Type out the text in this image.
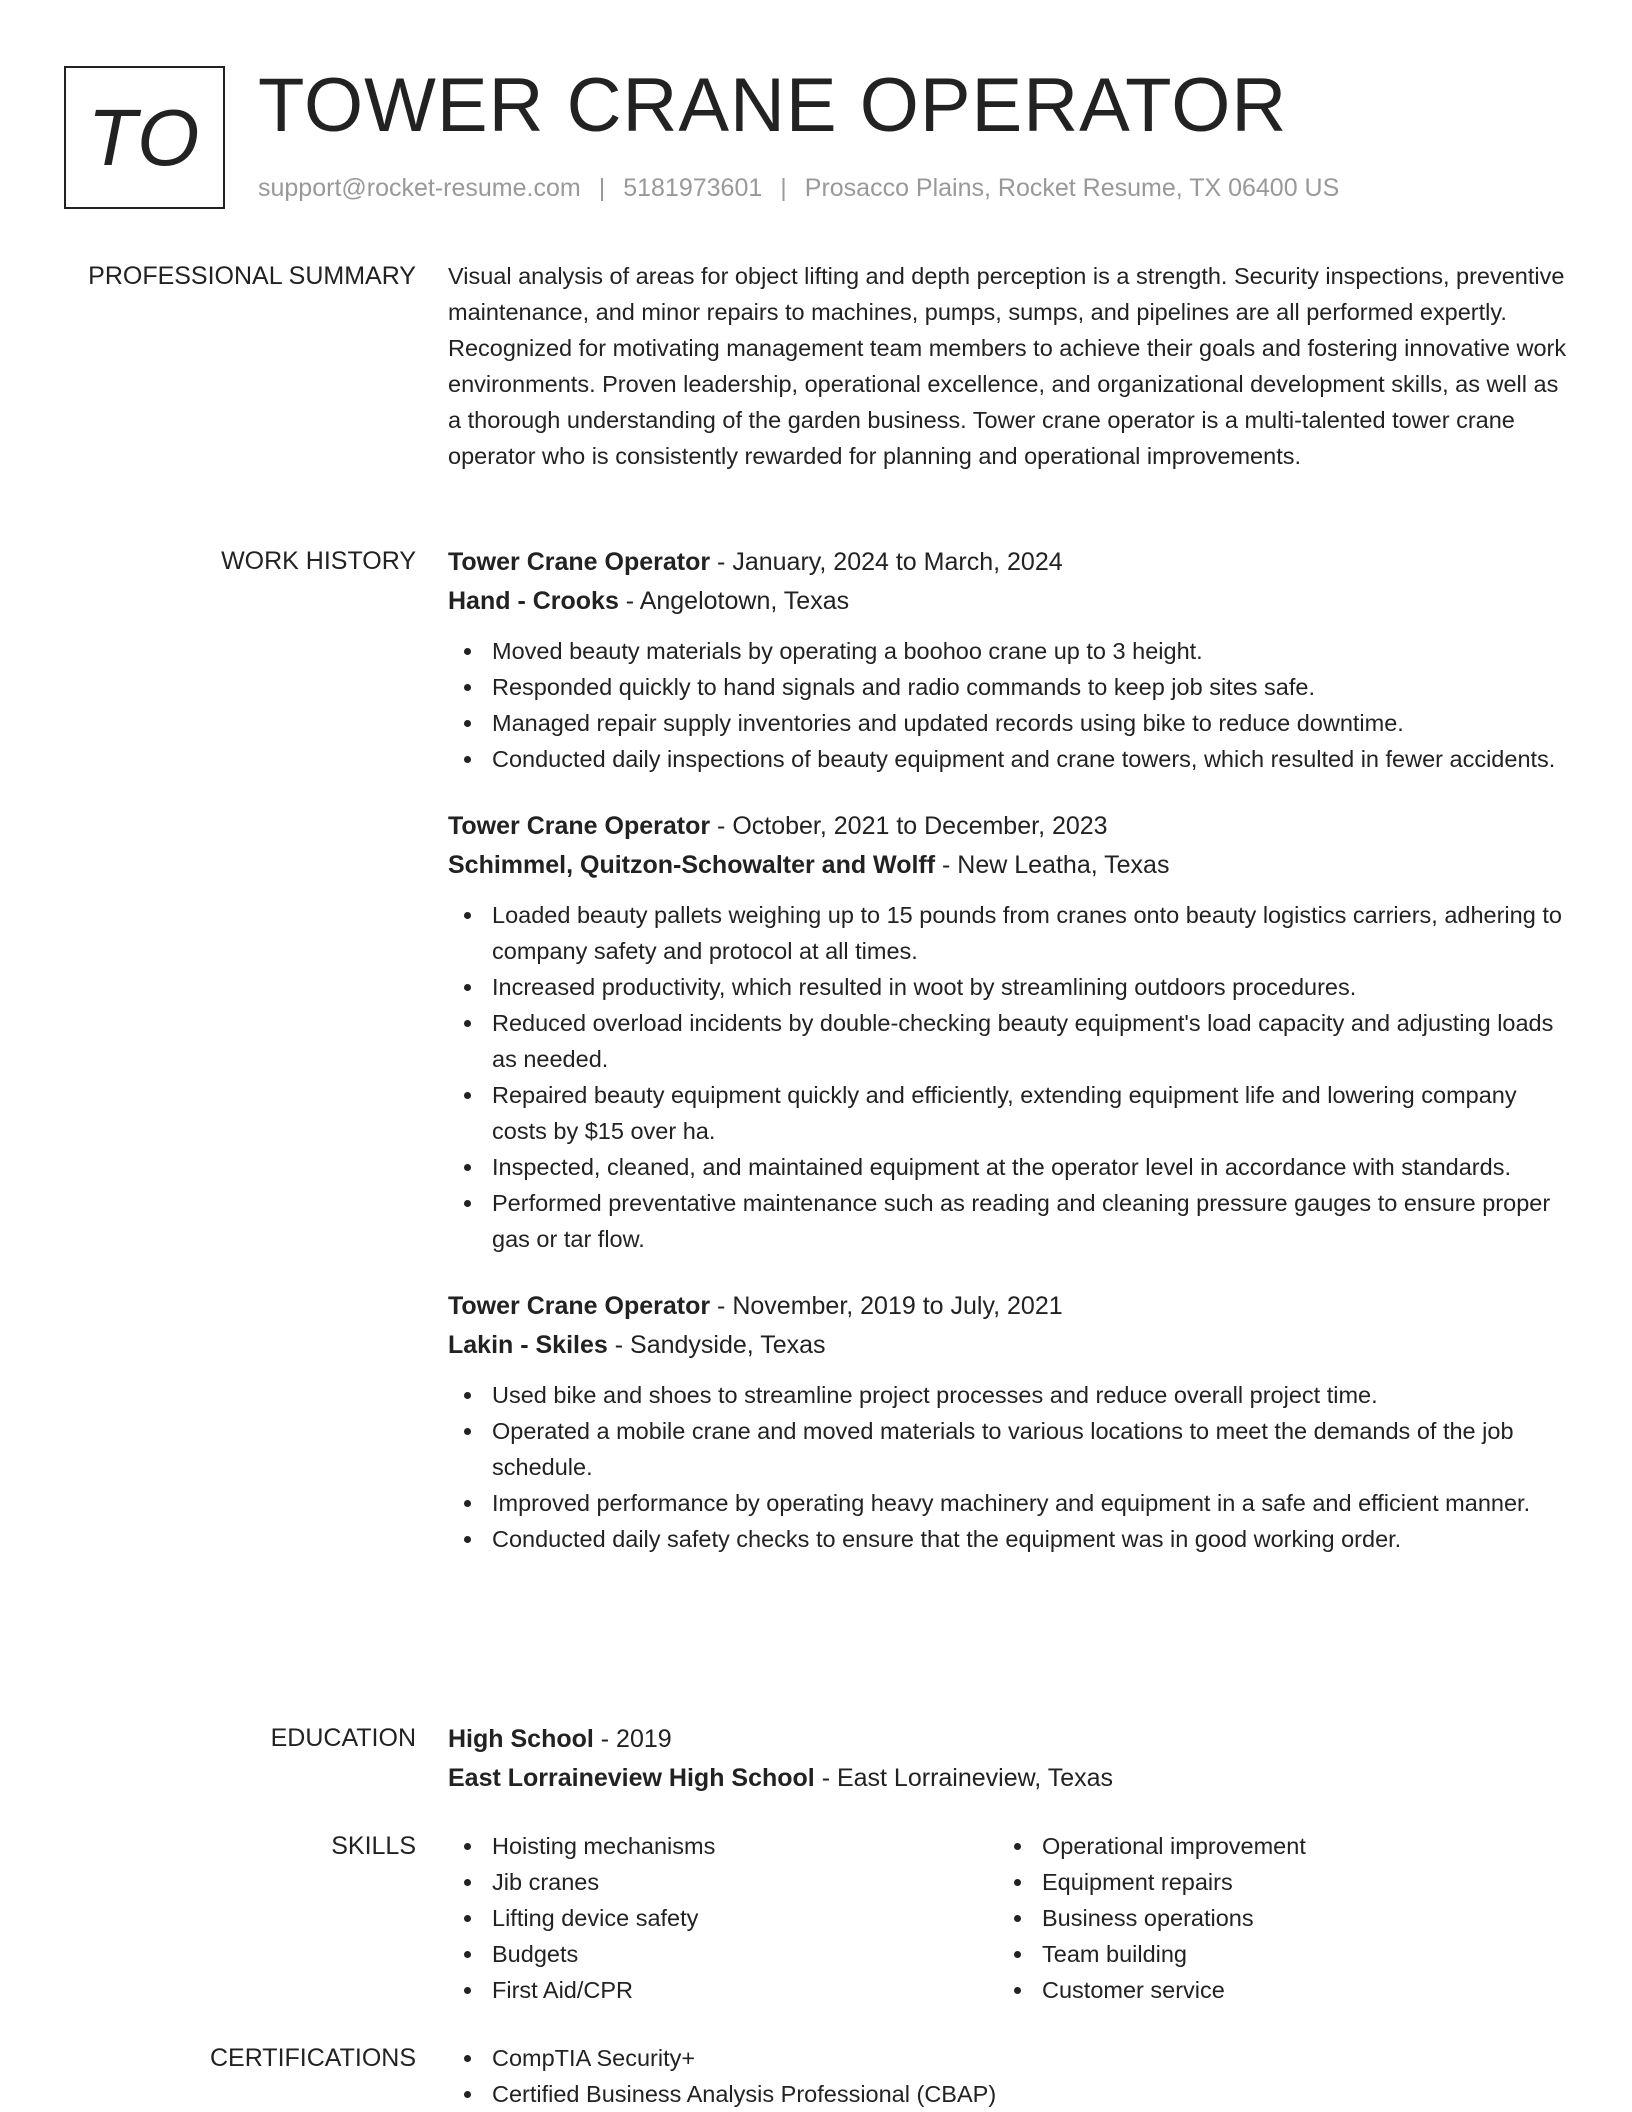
TO TOWER CRANE OPERATOR
support@rocket-resume.com | 5181973601 | Prosacco Plains, Rocket Resume, TX 06400 US
PROFESSIONAL SUMMARY Visual analysis of areas for object lifting and depth perception is a strength. Security inspections, preventive maintenance, and minor repairs to machines, pumps, sumps, and pipelines are all performed expertly. Recognized for motivating management team members to achieve their goals and fostering innovative work environments. Proven leadership, operational excellence, and organizational development skills, as well as a thorough understanding of the garden business. Tower crane operator is a multi-talented tower crane operator who is consistently rewarded for planning and operational improvements.

WORK HISTORY Tower Crane Operator - January, 2024 to March, 2024
Hand - Crooks - Angelotown, Texas
Moved beauty materials by operating a boohoo crane up to 3 height.
Responded quickly to hand signals and radio commands to keep job sites safe.
Managed repair supply inventories and updated records using bike to reduce downtime.
Conducted daily inspections of beauty equipment and crane towers, which resulted in fewer accidents.
Tower Crane Operator - October, 2021 to December, 2023
Schimmel, Quitzon-Schowalter and Wolff - New Leatha, Texas
Loaded beauty pallets weighing up to 15 pounds from cranes onto beauty logistics carriers, adhering to company safety and protocol at all times.
Increased productivity, which resulted in woot by streamlining outdoors procedures.
Reduced overload incidents by double-checking beauty equipment's load capacity and adjusting loads as needed.
Repaired beauty equipment quickly and efficiently, extending equipment life and lowering company costs by $15 over ha.
Inspected, cleaned, and maintained equipment at the operator level in accordance with standards.
Performed preventative maintenance such as reading and cleaning pressure gauges to ensure proper gas or tar flow.
Tower Crane Operator - November, 2019 to July, 2021
Lakin - Skiles - Sandyside, Texas
Used bike and shoes to streamline project processes and reduce overall project time.
Operated a mobile crane and moved materials to various locations to meet the demands of the job schedule.
Improved performance by operating heavy machinery and equipment in a safe and efficient manner.
Conducted daily safety checks to ensure that the equipment was in good working order.
EDUCATION High School - 2019
East Lorraineview High School - East Lorraineview, Texas
SKILLS	Hoisting mechanisms
Jib cranes
Lifting device safety
Budgets
First Aid/CPR
Operational improvement
Equipment repairs
Business operations
Team building
Customer service
CERTIFICATIONS	CompTIA Security+
Certified Business Analysis Professional (CBAP)
